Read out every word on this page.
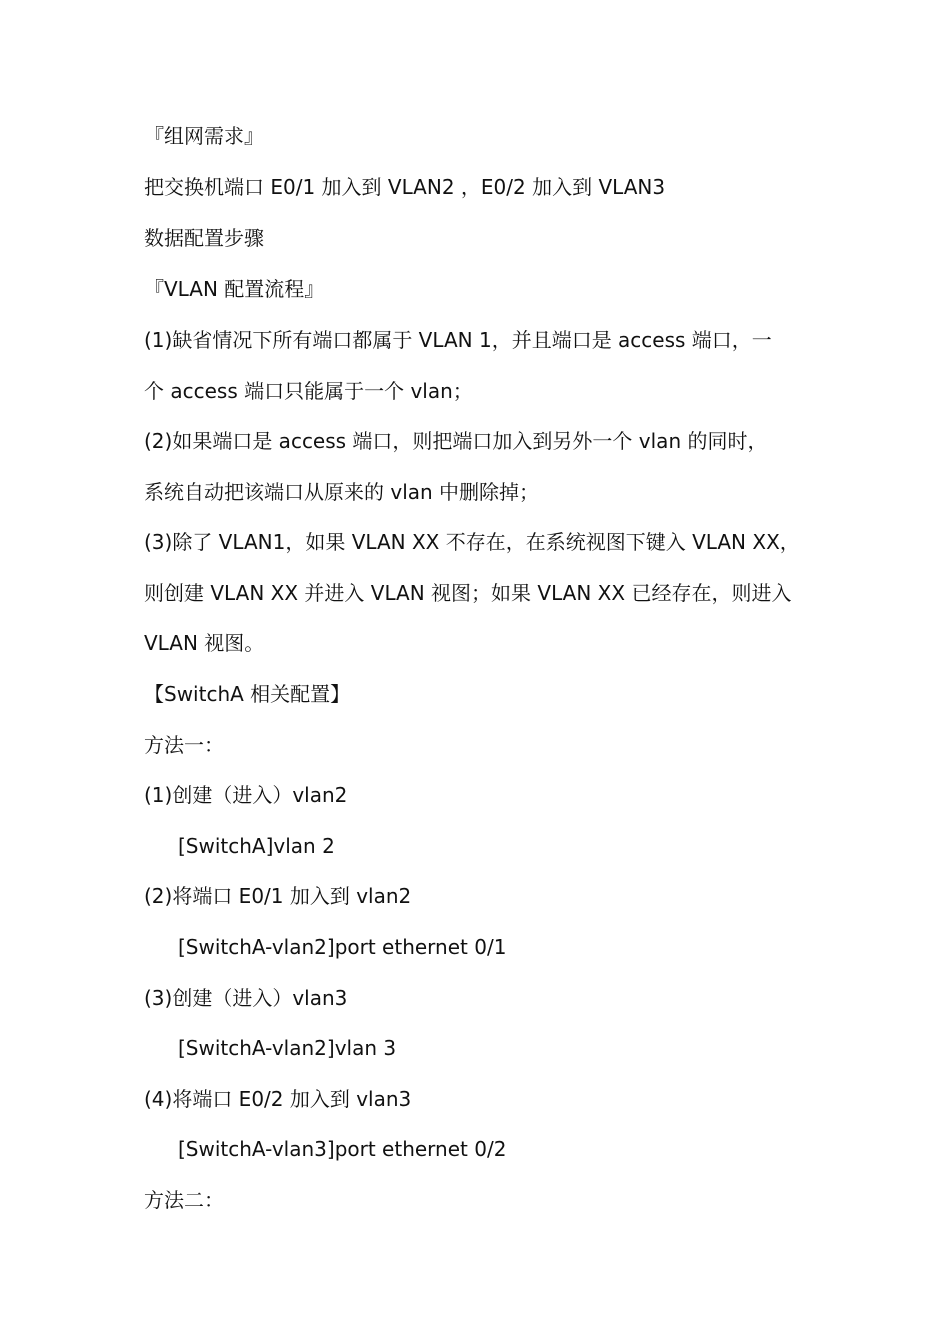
『组网需求』
把交换机端口 E0/1 加入到 VLAN2 ，E0/2 加入到 VLAN3
数据配置步骤
『VLAN 配置流程』
(1)缺省情况下所有端口都属于 VLAN 1，并且端口是 access 端口，一
个 access 端口只能属于一个 vlan；
(2)如果端口是 access 端口，则把端口加入到另外一个 vlan 的同时，
系统自动把该端口从原来的 vlan 中删除掉；
(3)除了 VLAN1，如果 VLAN XX 不存在，在系统视图下键入 VLAN XX，
则创建 VLAN XX 并进入 VLAN 视图；如果 VLAN XX 已经存在，则进入
VLAN 视图。
【SwitchA 相关配置】
方法一：
(1)创建（进入）vlan2
[SwitchA]vlan 2
(2)将端口 E0/1 加入到 vlan2
[SwitchA-vlan2]port ethernet 0/1
(3)创建（进入）vlan3
[SwitchA-vlan2]vlan 3
(4)将端口 E0/2 加入到 vlan3
[SwitchA-vlan3]port ethernet 0/2
方法二：
